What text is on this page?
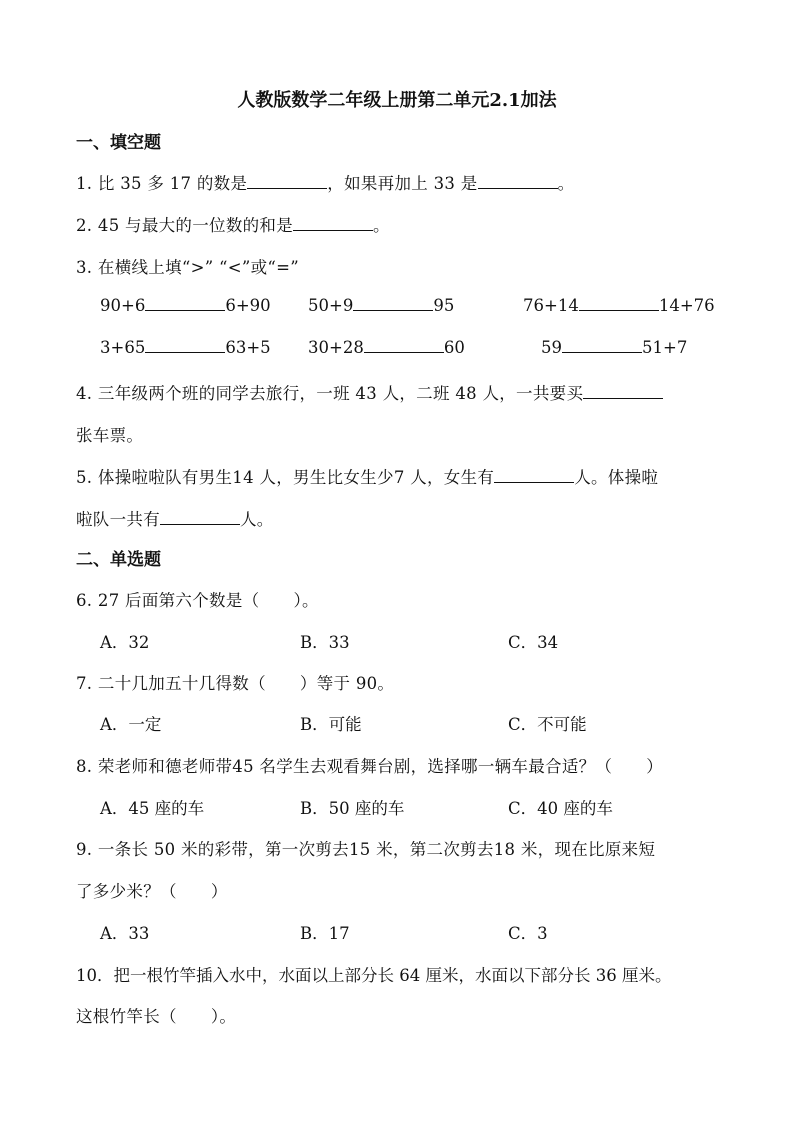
人教版数学二年级上册第二单元2.1加法
一、填空题
1. 比 35 多 17 的数是	，如果再加上 33 是	。
2. 45 与最大的一位数的和是	。
3. 在横线上填“>” “<”或“=”
90+6	6+90 50+9	95	76+14	14+76
3+65	63+5 30+28	60	59	51+7
4. 三年级两个班的同学去旅行，一班 43 人，二班 48 人，一共要买
张车票。
5. 体操啦啦队有男生14 人，男生比女生少7 人，女生有	人。体操啦
啦队一共有	人。
二、单选题
6. 27 后面第六个数是（ ）。
A．32	B．33	C．34
7. 二十几加五十几得数（ ）等于 90。
A．一定	B．可能	C．不可能
8. 荣老师和德老师带45 名学生去观看舞台剧，选择哪一辆车最合适？（ ）
A．45 座的车	B．50 座的车	C．40 座的车
9. 一条长 50 米的彩带，第一次剪去15 米，第二次剪去18 米，现在比原来短
了多少米？（ ）
A．33	B．17	C．3
10．把一根竹竿插入水中，水面以上部分长 64 厘米，水面以下部分长 36 厘米。
这根竹竿长（ ）。
